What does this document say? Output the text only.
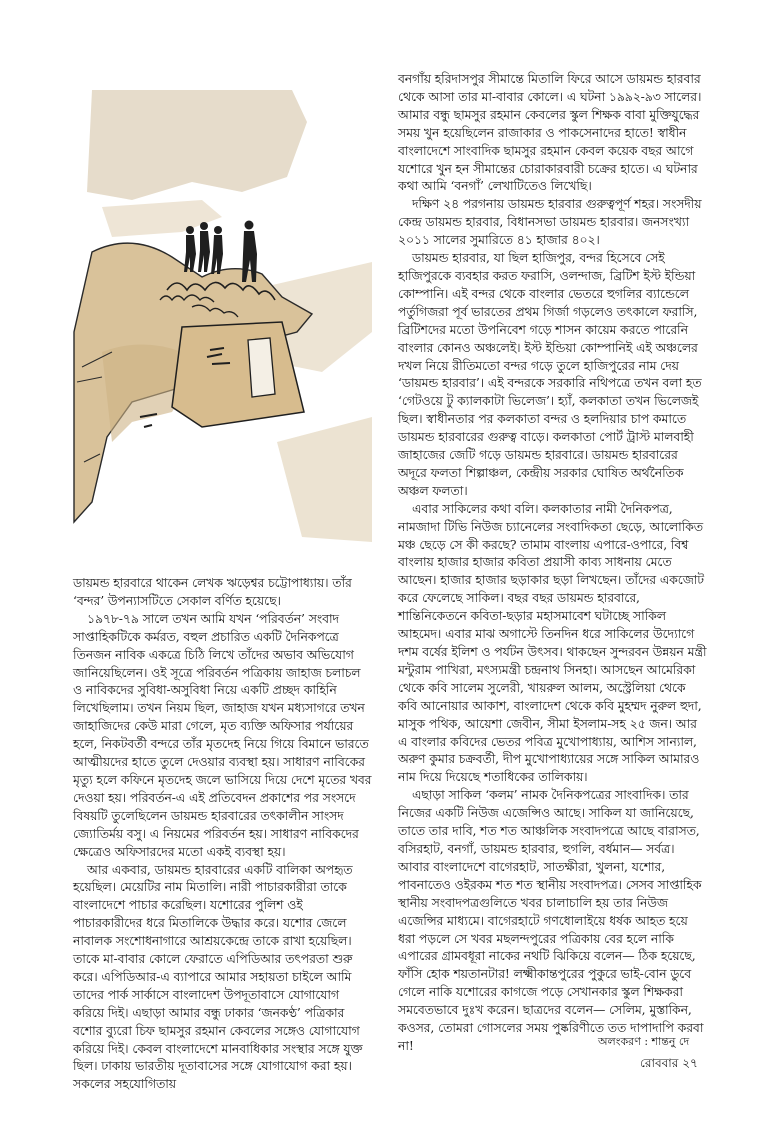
ডায়মন্ড হারবারে থাকেন লেখক ঋড়েশ্বর চট্টোপাধ্যায়। তাঁর ‘বন্দর’ উপন্যাসটিতে সেকাল বর্ণিত হয়েছে।

১৯৭৮-৭৯ সালে তখন আমি যখন ‘পরিবর্তন’ সংবাদ সাপ্তাহিকটিকে কর্মরত, বহুল প্রচারিত একটি দৈনিকপত্রে তিনজন নাবিক একত্রে চিঠি লিখে তাঁদের অভাব অভিযোগ জানিয়েছিলেন। ওই সূত্রে পরিবর্তন পত্রিকায় জাহাজ চলাচল ও নাবিকদের সুবিধা-অসুবিধা নিয়ে একটি প্রচ্ছদ কাহিনি লিখেছিলাম। তখন নিয়ম ছিল, জাহাজ যখন মধ্যসাগরে তখন জাহাজিদের কেউ মারা গেলে, মৃত ব্যক্তি অফিসার পর্যায়ের হলে, নিকটবর্তী বন্দরে তাঁর মৃতদেহ নিয়ে গিয়ে বিমানে ভারতে আত্মীয়দের হাতে তুলে দেওয়ার ব্যবস্থা হয়। সাধারণ নাবিকের মৃত্যু হলে কফিনে মৃতদেহ জলে ভাসিয়ে দিয়ে দেশে মৃতের খবর দেওয়া হয়। পরিবর্তন-এ এই প্রতিবেদন প্রকাশের পর সংসদে বিষয়টি তুলেছিলেন ডায়মন্ড হারবারের তৎকালীন সাংসদ জ্যোতির্ময় বসু। এ নিয়মের পরিবর্তন হয়। সাধারণ নাবিকদের ক্ষেত্রেও অফিসারদের মতো একই ব্যবস্থা হয়।

আর একবার, ডায়মন্ড হারবারের একটি বালিকা অপহৃত হয়েছিল। মেয়েটির নাম মিতালি। নারী পাচারকারীরা তাকে বাংলাদেশে পাচার করেছিল। যশোরের পুলিশ ওই পাচারকারীদের ধরে মিতালিকে উদ্ধার করে। যশোর জেলে নাবালক সংশোধনাগারে আশ্রয়কেন্দ্রে তাকে রাখা হয়েছিল। তাকে মা-বাবার কোলে ফেরাতে এপিডিআর তৎপরতা শুরু করে। এপিডিআর-এ ব্যাপারে আমার সহায়তা চাইলে আমি তাদের পার্ক সার্কাসে বাংলাদেশ উপদূতাবাসে যোগাযোগ করিয়ে দিই। এছাড়া আমার বন্ধু ঢাকার ‘জনকণ্ঠ’ পত্রিকার বশোর ব্যুরো চিফ ছামসুর রহমান কেবলের সঙ্গেও যোগাযোগ করিয়ে দিই। কেবল বাংলাদেশে মানবাধিকার সংস্থার সঙ্গে যুক্ত ছিল। ঢাকায় ভারতীয় দূতাবাসের সঙ্গে যোগাযোগ করা হয়। সকলের সহযোগিতায়

বনগাঁয় হরিদাসপুর সীমান্তে মিতালি ফিরে আসে ডায়মন্ড হারবার থেকে আসা তার মা-বাবার কোলে। এ ঘটনা ১৯৯২-৯৩ সালের। আমার বন্ধু ছামসুর রহমান কেবলের স্কুল শিক্ষক বাবা মুক্তিযুদ্ধের সময় খুন হয়েছিলেন রাজাকার ও পাকসেনাদের হাতে! স্বাধীন বাংলাদেশে সাংবাদিক ছামসুর রহমান কেবল কয়েক বছর আগে যশোরে খুন হন সীমান্তের চোরাকারবারী চক্রের হাতে। এ ঘটনার কথা আমি ‘বনগাঁ’ লেখাটিতেও লিখেছি।

দক্ষিণ ২৪ পরগনায় ডায়মন্ড হারবার গুরুত্বপূর্ণ শহর। সংসদীয় কেন্দ্র ডায়মন্ড হারবার, বিধানসভা ডায়মন্ড হারবার। জনসংখ্যা ২০১১ সালের সুমারিতে ৪১ হাজার ৪০২।

ডায়মন্ড হারবার, যা ছিল হাজিপুর, বন্দর হিসেবে সেই হাজিপুরকে ব্যবহার করত ফরাসি, ওলন্দাজ, ব্রিটিশ ইস্ট ইন্ডিয়া কোম্পানি। এই বন্দর থেকে বাংলার ভেতরে হুগলির ব্যান্ডেলে পর্তুগিজরা পূর্ব ভারতের প্রথম গির্জা গড়লেও তৎকালে ফরাসি, ব্রিটিশদের মতো উপনিবেশ গড়ে শাসন কায়েম করতে পারেনি বাংলার কোনও অঞ্চলেই। ইস্ট ইন্ডিয়া কোম্পানিই এই অঞ্চলের দখল নিয়ে রীতিমতো বন্দর গড়ে তুলে হাজিপুরের নাম দেয় ‘ডায়মন্ড হারবার’। এই বন্দরকে সরকারি নথিপত্রে তখন বলা হত ‘গেটওয়ে টু ক্যালকাটা ভিলেজ’। হ্যাঁ, কলকাতা তখন ভিলেজই ছিল। স্বাধীনতার পর কলকাতা বন্দর ও হলদিয়ার চাপ কমাতে ডায়মন্ড হারবারের গুরুত্ব বাড়ে। কলকাতা পোর্ট ট্রাস্ট মালবাহী জাহাজের জেটি গড়ে ডায়মন্ড হারবারে। ডায়মন্ড হারবারের অদূরে ফলতা শিল্পাঞ্চল, কেন্দ্রীয় সরকার ঘোষিত অর্থনৈতিক অঞ্চল ফলতা।

এবার সাকিলের কথা বলি। কলকাতার নামী দৈনিকপত্র, নামজাদা টিভি নিউজ চ্যানেলের সংবাদিকতা ছেড়ে, আলোকিত মঞ্চ ছেড়ে সে কী করছে? তামাম বাংলায় এপারে-ওপারে, বিশ্ব বাংলায় হাজার হাজার কবিতা প্রয়াসী কাব্য সাধনায় মেতে আছেন। হাজার হাজার ছড়াকার ছড়া লিখছেন। তাঁদের একজোট করে ফেলেছে সাকিল। বছর বছর ডায়মন্ড হারবারে, শান্তিনিকেতনে কবিতা-ছড়ার মহাসমাবেশ ঘটাচ্ছে সাকিল আহমেদ। এবার মাঝ অগাস্টে তিনদিন ধরে সাকিলের উদ্যোগে দশম বর্ষের ইলিশ ও পর্যটন উৎসব। থাকছেন সুন্দরবন উন্নয়ন মন্ত্রী মন্টুরাম পাখিরা, মৎস্যমন্ত্রী চন্দ্রনাথ সিনহা। আসছেন আমেরিকা থেকে কবি সালেম সুলেরী, খায়রুল আলম, অস্ট্রেলিয়া থেকে কবি আনোয়ার আকাশ, বাংলাদেশ থেকে কবি মুহম্মদ নুরুল হুদা, মাসুক পথিক, আয়েশা জেবীন, সীমা ইসলাম-সহ ২৫ জন। আর এ বাংলার কবিদের ভেতর পবিত্র মুখোপাধ্যায়, আশিস সান্যাল, অরুণ কুমার চক্রবর্তী, দীপ মুখোপাধ্যায়ের সঙ্গে সাকিল আমারও নাম দিয়ে দিয়েছে শতাধিকের তালিকায়।

এছাড়া সাকিল ‘কলম’ নামক দৈনিকপত্রের সাংবাদিক। তার নিজের একটি নিউজ এজেন্সিও আছে। সাকিল যা জানিয়েছে, তাতে তার দাবি, শত শত আঞ্চলিক সংবাদপত্রে আছে বারাসত, বসিরহাট, বনগাঁ, ডায়মন্ড হারবার, হুগলি, বর্ধমান— সর্বত্র। আবার বাংলাদেশে বাগেরহাট, সাতক্ষীরা, খুলনা, যশোর, পাবনাতেও ওইরকম শত শত স্থানীয় সংবাদপত্র। সেসব সাপ্তাহিক স্থানীয় সংবাদপত্রগুলিতে খবর চালাচালি হয় তার নিউজ এজেন্সির মাধ্যমে। বাগেরহাটে গণধোলাইয়ে ধর্ষক আহত হয়ে ধরা পড়লে সে খবর মছলন্দপুরের পত্রিকায় বের হলে নাকি এপারের গ্রামবধূরা নাকের নথটি ঝিকিয়ে বলেন— ঠিক হয়েছে, ফাঁসি হোক শয়তানটার! লক্ষ্মীকান্তপুরের পুকুরে ভাই-বোন ডুবে গেলে নাকি যশোরের কাগজে পড়ে সেখানকার স্কুল শিক্ষকরা সমবেতভাবে দুঃখ করেন। ছাত্রদের বলেন— সেলিম, মুস্তাকিন, কওসর, তোমরা গোসলের সময় পুষ্করিণীতে তত দাপাদাপি করবা না!	অলংকরণ : শান্তনু দে
রোববার ২৭
